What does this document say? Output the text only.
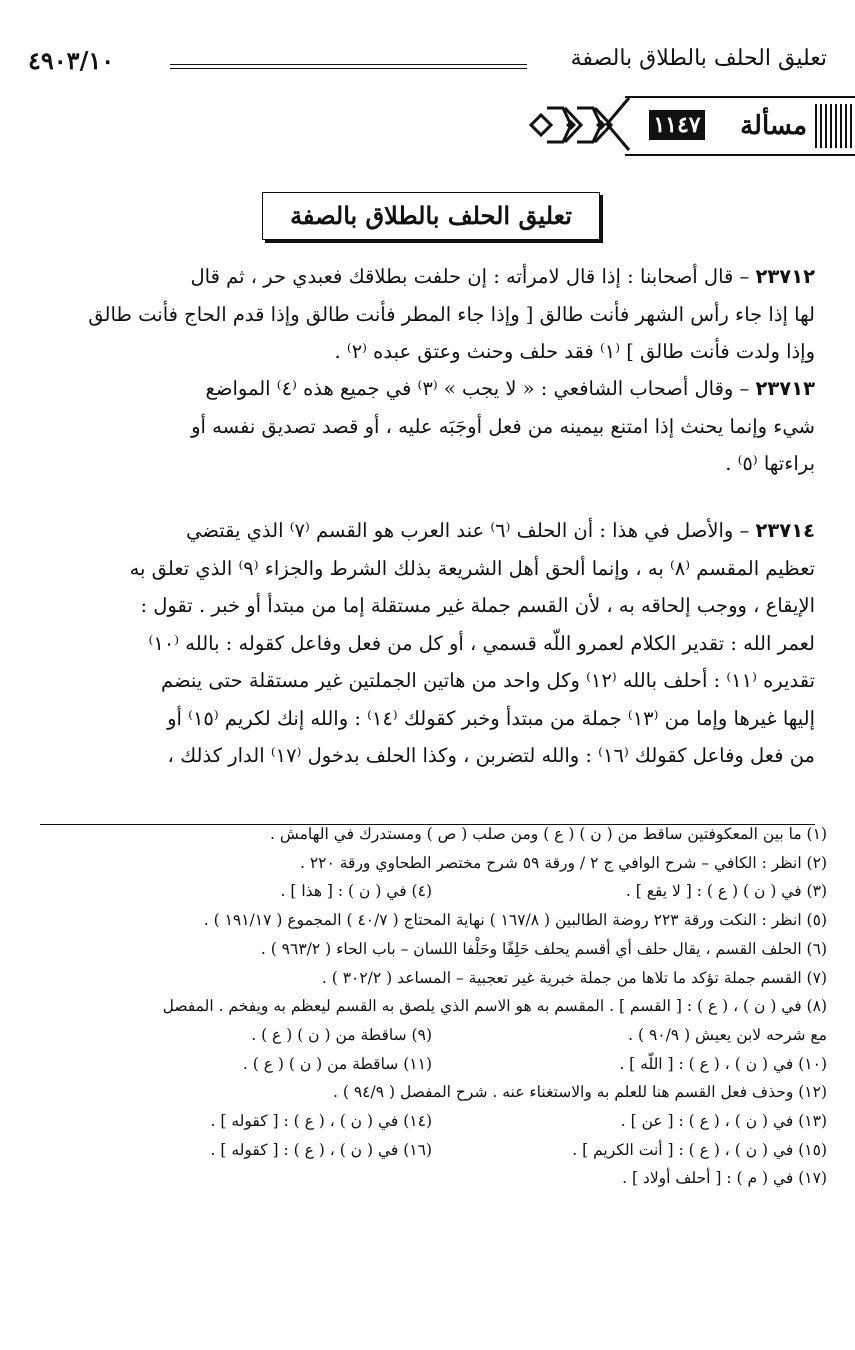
تعليق الحلف بالطلاق بالصفة
٤٩٠٣/١٠
مسألة
١١٤٧
تعليق الحلف بالطلاق بالصفة
٢٣٧١٢ – قال أصحابنا : إذا قال لامرأته : إن حلفت بطلاقك فعبدي حر ، ثم قال
لها إذا جاء رأس الشهر فأنت طالق [ وإذا جاء المطر فأنت طالق وإذا قدم الحاج فأنت طالق
وإذا ولدت فأنت طالق ] ⁽١⁾ فقد حلف وحنث وعتق عبده ⁽٢⁾ .
٢٣٧١٣ – وقال أصحاب الشافعي : « لا يجب » ⁽٣⁾ في جميع هذه ⁽٤⁾ المواضع
شيء وإنما يحنث إذا امتنع بيمينه من فعل أوجَبَه عليه ، أو قصد تصديق نفسه أو
براءتها ⁽٥⁾ .
٢٣٧١٤ – والأصل في هذا : أن الحلف ⁽٦⁾ عند العرب هو القسم ⁽٧⁾ الذي يقتضي
تعظيم المقسم ⁽٨⁾ به ، وإنما ألحق أهل الشريعة بذلك الشرط والجزاء ⁽٩⁾ الذي تعلق به
الإيقاع ، ووجب إلحاقه به ، لأن القسم جملة غير مستقلة إما من مبتدأ أو خبر . تقول :
لعمر الله : تقدير الكلام لعمرو اللّه قسمي ، أو كل من فعل وفاعل كقوله : بالله ⁽١٠⁾
تقديره ⁽١١⁾ : أحلف بالله ⁽١٢⁾ وكل واحد من هاتين الجملتين غير مستقلة حتى ينضم
إليها غيرها وإما من ⁽١٣⁾ جملة من مبتدأ وخبر كقولك ⁽١٤⁾ : والله إنك لكريم ⁽١٥⁾ أو
من فعل وفاعل كقولك ⁽١٦⁾ : والله لتضربن ، وكذا الحلف بدخول ⁽١٧⁾ الدار كذلك ،
(١) ما بين المعكوفتين ساقط من ( ن ) ( ع ) ومن صلب ( ص ) ومستدرك في الهامش .
(٢) انظر : الكافي – شرح الوافي ج ٢ / ورقة ٥٩ شرح مختصر الطحاوي ورقة ٢٢٠ .
(٣) في ( ن ) ( ع ) : [ لا يقع ] .
(٤) في ( ن ) : [ هذا ] .
(٥) انظر : النكت ورقة ٢٢٣ روضة الطالبين ( ١٦٧/٨ ) نهاية المحتاج ( ٤٠/٧ ) المجموع ( ١٩١/١٧ ) .
(٦) الحلف القسم ، يقال حلف أي أقسم يحلف حَلِفًا وحَلْفا اللسان – باب الحاء ( ٩٦٣/٢ ) .
(٧) القسم جملة تؤكد ما تلاها من جملة خبرية غير تعجبية – المساعد ( ٣٠٢/٢ ) .
(٨) في ( ن ) ، ( ع ) : [ القسم ] . المقسم به هو الاسم الذي يلصق به القسم ليعظم به ويفخم . المفصل
مع شرحه لابن يعيش ( ٩٠/٩ ) .
(٩) ساقطة من ( ن ) ( ع ) .
(١٠) في ( ن ) ، ( ع ) : [ اللّه ] .
(١١) ساقطة من ( ن ) ( ع ) .
(١٢) وحذف فعل القسم هنا للعلم به والاستغناء عنه . شرح المفصل ( ٩٤/٩ ) .
(١٣) في ( ن ) ، ( ع ) : [ عن ] .
(١٤) في ( ن ) ، ( ع ) : [ كقوله ] .
(١٥) في ( ن ) ، ( ع ) : [ أنت الكريم ] .
(١٦) في ( ن ) ، ( ع ) : [ كقوله ] .
(١٧) في ( م ) : [ أحلف أولاد ] .
